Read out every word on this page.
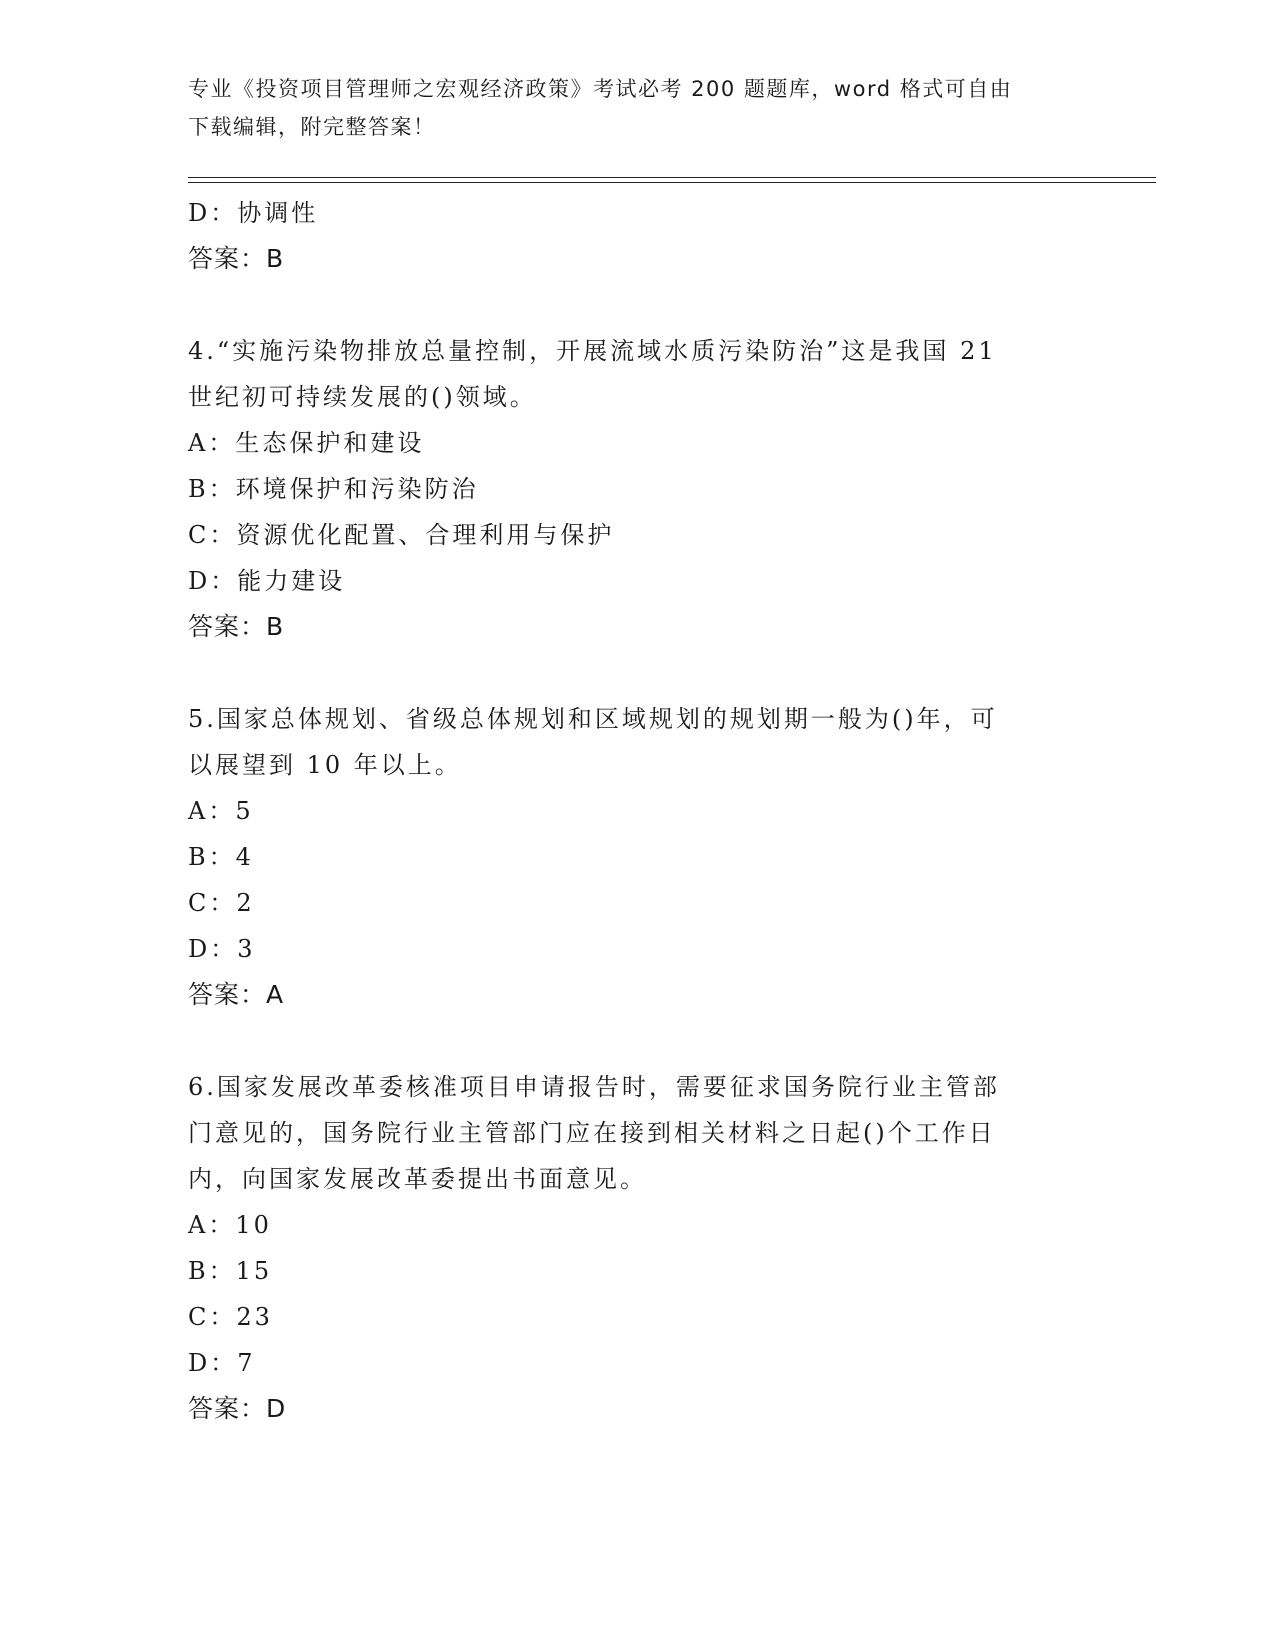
专业《投资项目管理师之宏观经济政策》考试必考 200 题题库，word 格式可自由
下载编辑，附完整答案！
D：协调性
答案：B
4.“实施污染物排放总量控制，开展流域水质污染防治”这是我国 21
世纪初可持续发展的()领域。
A：生态保护和建设
B：环境保护和污染防治
C：资源优化配置、合理利用与保护
D：能力建设
答案：B
5.国家总体规划、省级总体规划和区域规划的规划期一般为()年，可
以展望到 10 年以上。
A：5
B：4
C：2
D：3
答案：A
6.国家发展改革委核准项目申请报告时，需要征求国务院行业主管部
门意见的，国务院行业主管部门应在接到相关材料之日起()个工作日
内，向国家发展改革委提出书面意见。
A：10
B：15
C：23
D：7
答案：D
